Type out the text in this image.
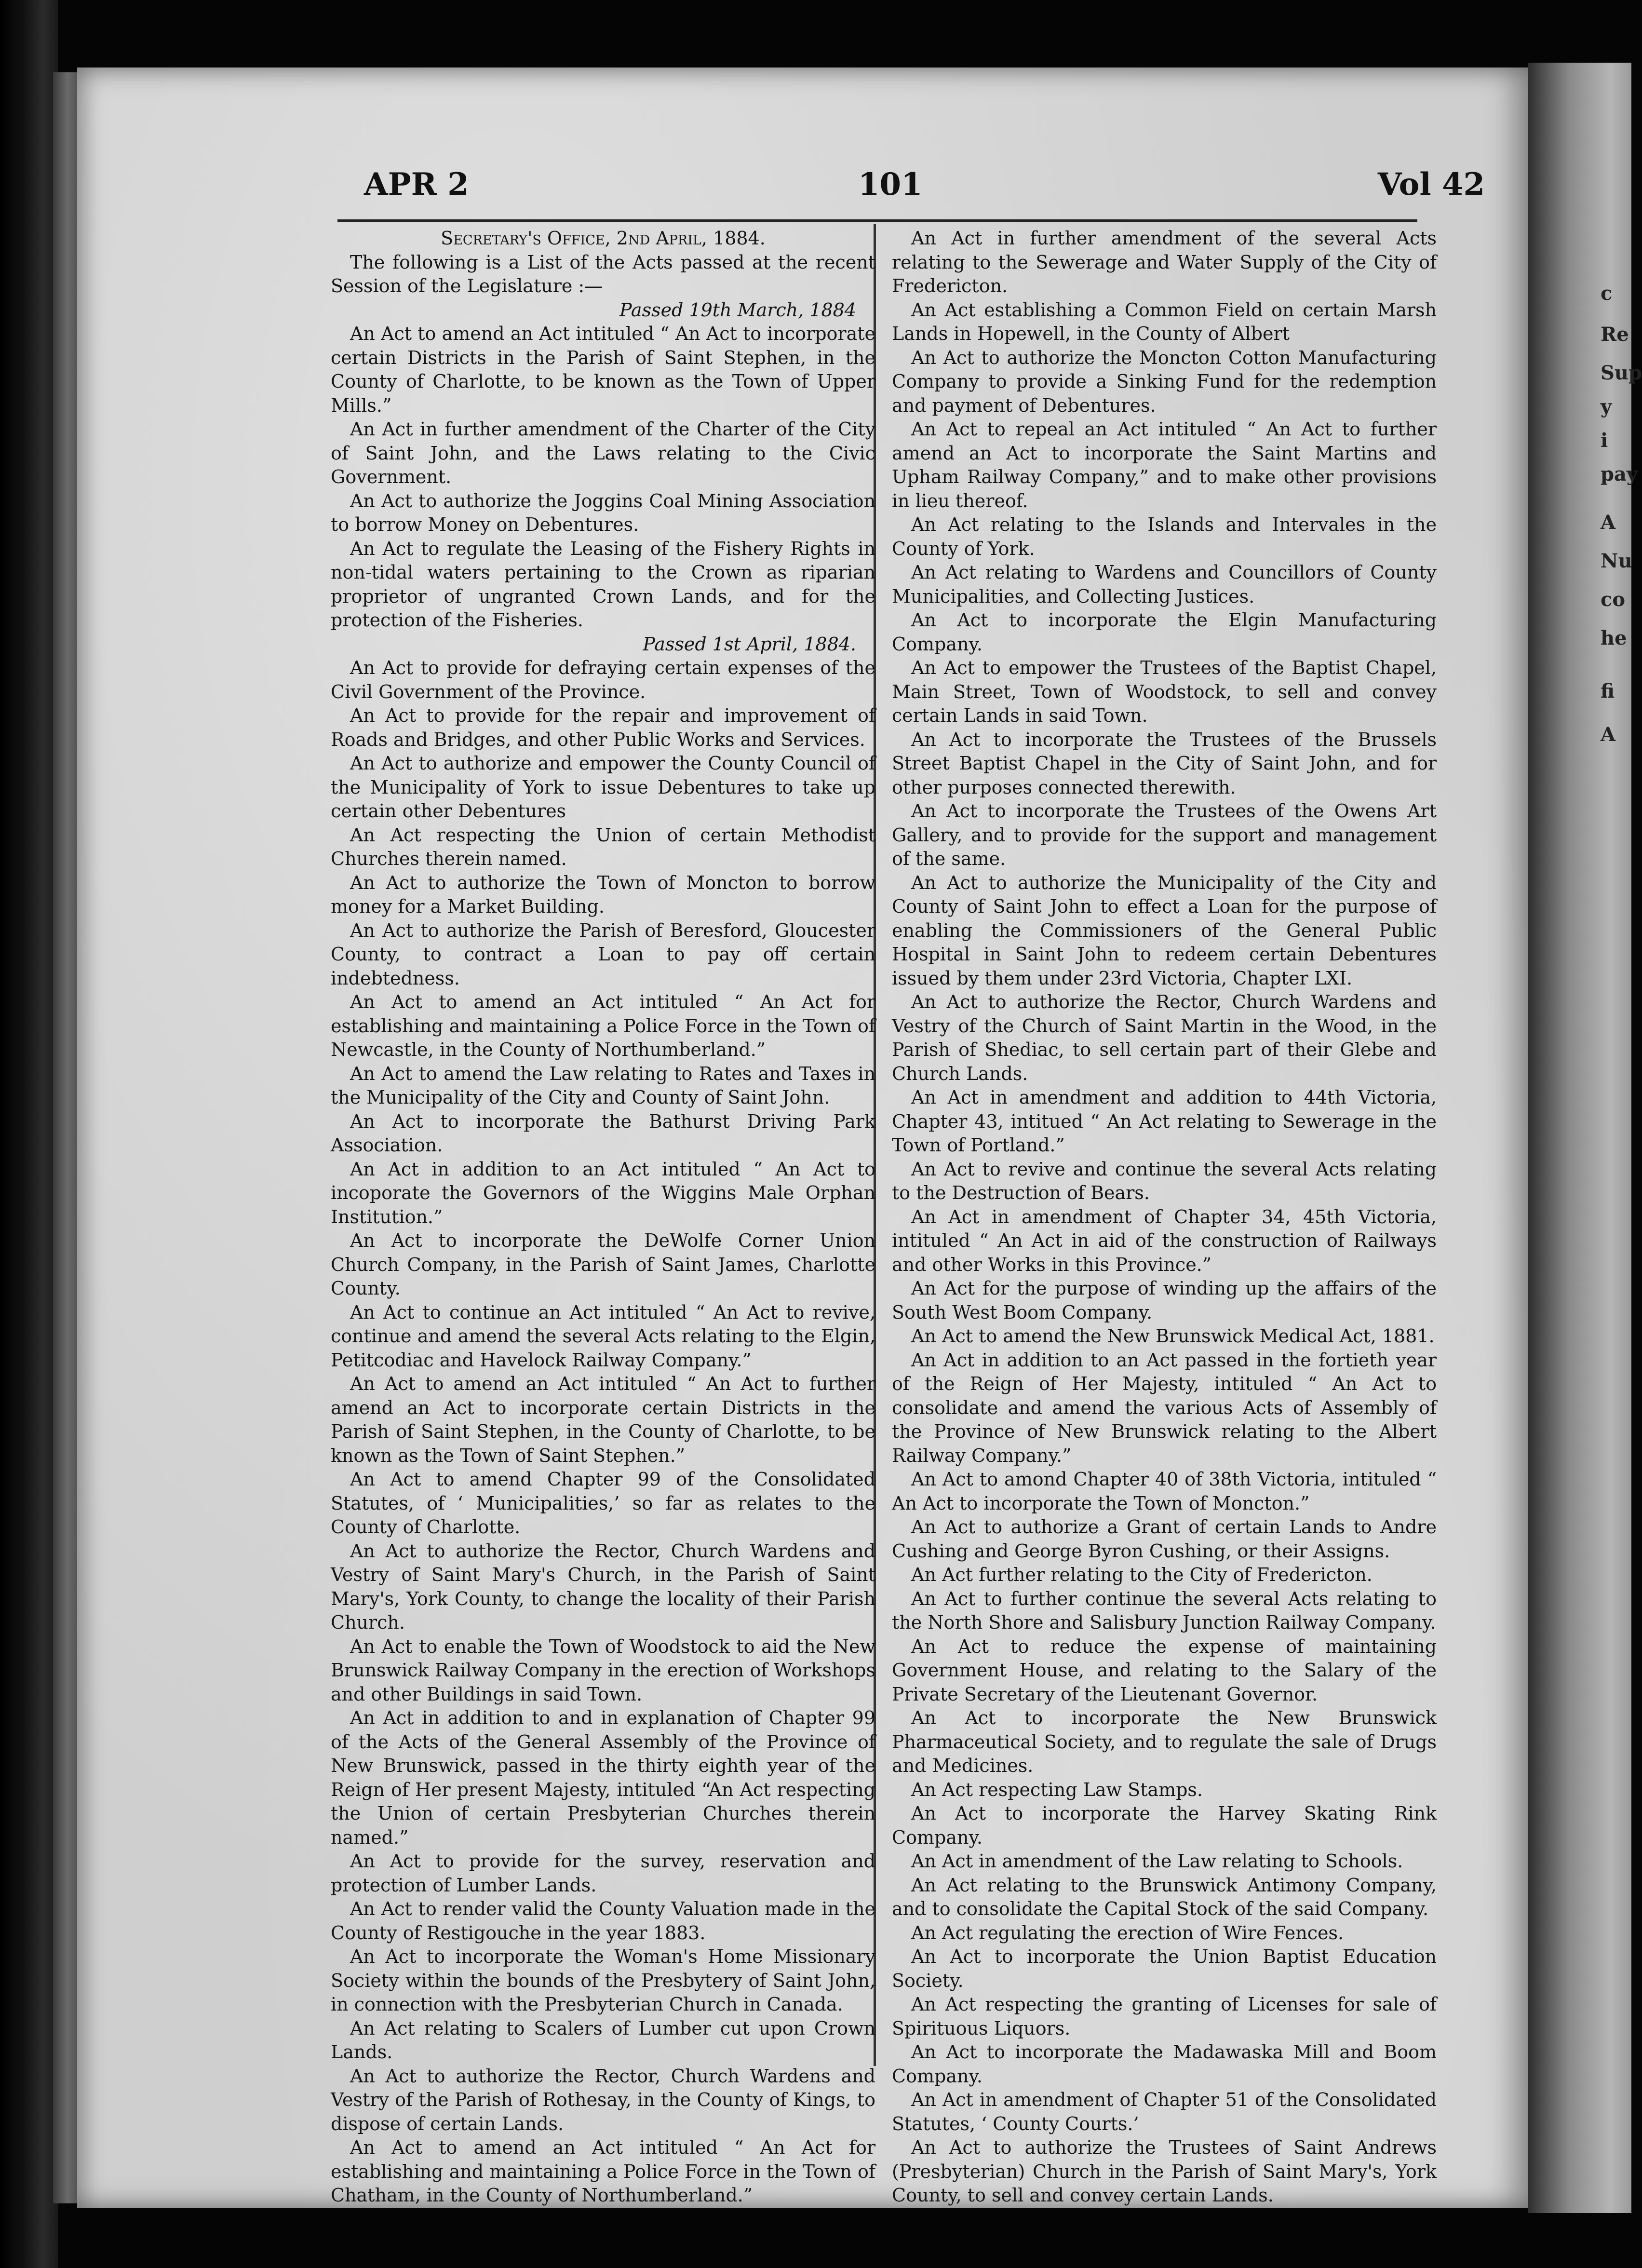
c
Re
Sup
y
i
pay
A
Nu
co
he
fi
A
APR 2	101	Vol 42

Secretary's Office, 2nd April, 1884.

The following is a List of the Acts passed at the recent Session of the Legislature :—

Passed 19th March, 1884

An Act to amend an Act intituled “ An Act to incorporate certain Districts in the Parish of Saint Stephen, in the County of Charlotte, to be known as the Town of Upper Mills.”

An Act in further amendment of the Charter of the City of Saint John, and the Laws relating to the Civic Government.

An Act to authorize the Joggins Coal Mining Association to borrow Money on Debentures.

An Act to regulate the Leasing of the Fishery Rights in non-tidal waters pertaining to the Crown as riparian proprietor of ungranted Crown Lands, and for the protection of the Fisheries.

Passed 1st April, 1884.

An Act to provide for defraying certain expenses of the Civil Government of the Province.

An Act to provide for the repair and improvement of Roads and Bridges, and other Public Works and Services.

An Act to authorize and empower the County Council of the Municipality of York to issue Debentures to take up certain other Debentures

An Act respecting the Union of certain Methodist Churches therein named.

An Act to authorize the Town of Moncton to borrow money for a Market Building.

An Act to authorize the Parish of Beresford, Gloucester County, to contract a Loan to pay off certain indebtedness.

An Act to amend an Act intituled “ An Act for establishing and maintaining a Police Force in the Town of Newcastle, in the County of Northumberland.”

An Act to amend the Law relating to Rates and Taxes in the Municipality of the City and County of Saint John.

An Act to incorporate the Bathurst Driving Park Association.

An Act in addition to an Act intituled “ An Act to incoporate the Governors of the Wiggins Male Orphan Institution.”

An Act to incorporate the DeWolfe Corner Union Church Company, in the Parish of Saint James, Charlotte County.

An Act to continue an Act intituled “ An Act to revive, continue and amend the several Acts relating to the Elgin, Petitcodiac and Havelock Railway Company.”

An Act to amend an Act intituled “ An Act to further amend an Act to incorporate certain Districts in the Parish of Saint Stephen, in the County of Charlotte, to be known as the Town of Saint Stephen.”

An Act to amend Chapter 99 of the Consolidated Statutes, of ‘ Municipalities,’ so far as relates to the County of Charlotte.

An Act to authorize the Rector, Church Wardens and Vestry of Saint Mary's Church, in the Parish of Saint Mary's, York County, to change the locality of their Parish Church.

An Act to enable the Town of Woodstock to aid the New Brunswick Railway Company in the erection of Workshops and other Buildings in said Town.

An Act in addition to and in explanation of Chapter 99 of the Acts of the General Assembly of the Province of New Brunswick, passed in the thirty eighth year of the Reign of Her present Majesty, intituled “An Act respecting the Union of certain Presbyterian Churches therein named.”

An Act to provide for the survey, reservation and protection of Lumber Lands.

An Act to render valid the County Valuation made in the County of Restigouche in the year 1883.

An Act to incorporate the Woman's Home Missionary Society within the bounds of the Presbytery of Saint John, in connection with the Presbyterian Church in Canada.

An Act relating to Scalers of Lumber cut upon Crown Lands.

An Act to authorize the Rector, Church Wardens and Vestry of the Parish of Rothesay, in the County of Kings, to dispose of certain Lands.

An Act to amend an Act intituled “ An Act for establishing and maintaining a Police Force in the Town of Chatham, in the County of Northumberland.”

An Act in further amendment of the several Acts relating to the Sewerage and Water Supply of the City of Fredericton.

An Act establishing a Common Field on certain Marsh Lands in Hopewell, in the County of Albert

An Act to authorize the Moncton Cotton Manufacturing Company to provide a Sinking Fund for the redemption and payment of Debentures.

An Act to repeal an Act intituled “ An Act to further amend an Act to incorporate the Saint Martins and Upham Railway Company,” and to make other provisions in lieu thereof.

An Act relating to the Islands and Intervales in the County of York.

An Act relating to Wardens and Councillors of County Municipalities, and Collecting Justices.

An Act to incorporate the Elgin Manufacturing Company.

An Act to empower the Trustees of the Baptist Chapel, Main Street, Town of Woodstock, to sell and convey certain Lands in said Town.

An Act to incorporate the Trustees of the Brussels Street Baptist Chapel in the City of Saint John, and for other purposes connected therewith.

An Act to incorporate the Trustees of the Owens Art Gallery, and to provide for the support and management of the same.

An Act to authorize the Municipality of the City and County of Saint John to effect a Loan for the purpose of enabling the Commissioners of the General Public Hospital in Saint John to redeem certain Debentures issued by them under 23rd Victoria, Chapter LXI.

An Act to authorize the Rector, Church Wardens and Vestry of the Church of Saint Martin in the Wood, in the Parish of Shediac, to sell certain part of their Glebe and Church Lands.

An Act in amendment and addition to 44th Victoria, Chapter 43, intitued “ An Act relating to Sewerage in the Town of Portland.”

An Act to revive and continue the several Acts relating to the Destruction of Bears.

An Act in amendment of Chapter 34, 45th Victoria, intituled “ An Act in aid of the construction of Railways and other Works in this Province.”

An Act for the purpose of winding up the affairs of the South West Boom Company.

An Act to amend the New Brunswick Medical Act, 1881.

An Act in addition to an Act passed in the fortieth year of the Reign of Her Majesty, intituled “ An Act to consolidate and amend the various Acts of Assembly of the Province of New Brunswick relating to the Albert Railway Company.”

An Act to amond Chapter 40 of 38th Victoria, intituled “ An Act to incorporate the Town of Moncton.”

An Act to authorize a Grant of certain Lands to Andre Cushing and George Byron Cushing, or their Assigns.

An Act further relating to the City of Fredericton.

An Act to further continue the several Acts relating to the North Shore and Salisbury Junction Railway Company.

An Act to reduce the expense of maintaining Government House, and relating to the Salary of the Private Secretary of the Lieutenant Governor.

An Act to incorporate the New Brunswick Pharmaceutical Society, and to regulate the sale of Drugs and Medicines.

An Act respecting Law Stamps.

An Act to incorporate the Harvey Skating Rink Company.

An Act in amendment of the Law relating to Schools.

An Act relating to the Brunswick Antimony Company, and to consolidate the Capital Stock of the said Company.

An Act regulating the erection of Wire Fences.

An Act to incorporate the Union Baptist Education Society.

An Act respecting the granting of Licenses for sale of Spirituous Liquors.

An Act to incorporate the Madawaska Mill and Boom Company.

An Act in amendment of Chapter 51 of the Consolidated Statutes, ‘ County Courts.’

An Act to authorize the Trustees of Saint Andrews (Presbyterian) Church in the Parish of Saint Mary's, York County, to sell and convey certain Lands.
